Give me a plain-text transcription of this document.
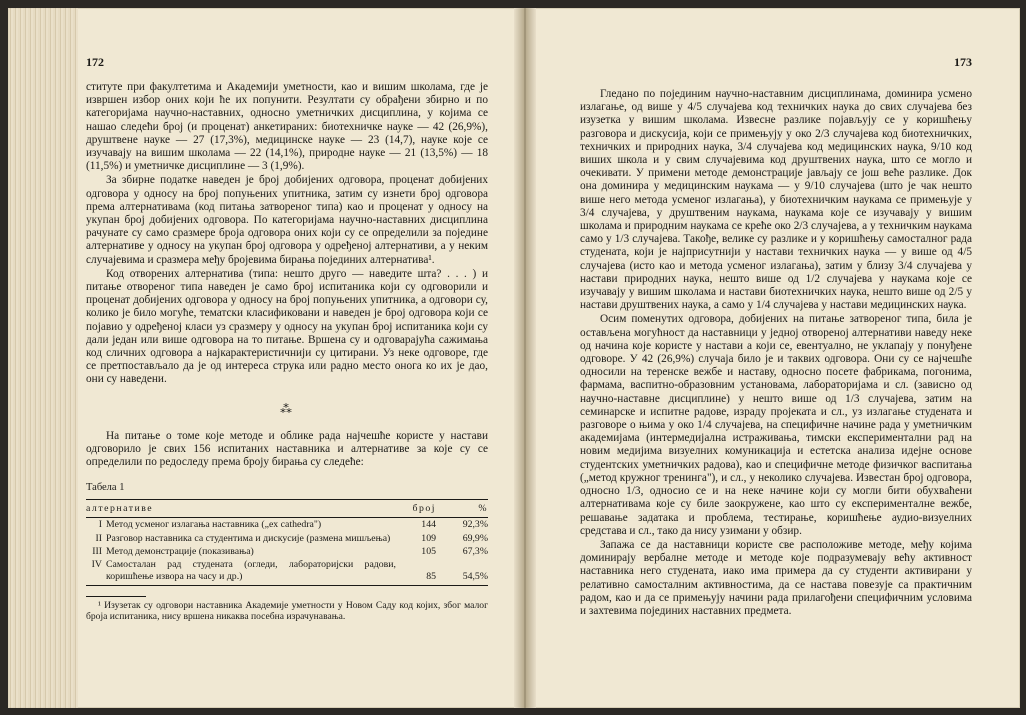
172

ститутe при факултетима и Академији уметности, као и вишим школама, где је извршен избор оних који ће их попунити. Резултати су обрађени збирно и по категоријама научно-наставних, односно уметничких дисциплина, у којима се нашао следећи број (и проценат) анкетираних: биотехничке науке — 42 (26,9%), друштвене науке — 27 (17,3%), медицинске науке — 23 (14,7), науке које се изучавају на вишим школама — 22 (14,1%), природне науке — 21 (13,5%) — 18 (11,5%) и уметничке дисциплине — 3 (1,9%).

За збирне податке наведен је број добијених одговора, проценат добијених одговора у односу на број попуњених упитника, затим су изнети број одговора према алтернативама (код питања затвореног типа) као и проценат у односу на укупан број добијених одговора. По категоријама научно-наставних дисциплина рачунате су само сразмере броја одговора оних који су се определили за поједине алтернативе у односу на укупан број одговора у одређеној алтернативи, а у неким случајевима и сразмера међу бројевима бирања појединих алтернатива¹.

Код отворених алтернатива (типа: нешто друго — наведите шта? . . . ) и питање отвореног типа наведен је само број испитаника који су одговорили и проценат добијених одговора у односу на број попуњених упитника, а одговори су, колико је било могуће, тематски класификовани и наведен је број одговора који се појавио у одређеној класи уз сразмеру у односу на укупан број испитаника који су дали један или више одговора на то питање. Вршена су и одговарајућа сажимања код сличних одговора а најкарактеристичнији су цитирани. Уз неке одговоре, где се претпостављало да је од интереса струка или радно место онога ко их је дао, они су наведени.

⁂

На питање о томе које методе и облике рада најчешће користе у настави одговорило је свих 156 испитаних наставника и алтернативе за које су се определили по редоследу према броју бирања су следеће:

Табела 1
алтернативе		број	%
I	Метод усменог излагања наставника („ex cathedra")	144	92,3%
II	Разговор наставника са студентима и дискусије (размена мишљења)	109	69,9%
III	Метод демонстрације (показивања)	105	67,3%
IV	Самосталан рад студената (огледи, лабораторијски радови, коришћење извора на часу и др.)	85	54,5%
¹ Изузетак су одговори наставника Академије уметности у Новом Саду код којих, због малог броја испитаника, нису вршена никаква посебна израчунавања.
173

Гледано по појединим научно-наставним дисциплинама, доминира усмено излагање, од више у 4/5 случајева код техничких наука до свих случајева без изузетка у вишим школама. Извесне разлике појављују се у коришћењу разговора и дискусија, који се примењују у око 2/3 случајева код биотехничких, техничких и природних наука, 3/4 случајева код медицинских наука, 9/10 код виших школа и у свим случајевима код друштвених наука, што се могло и очекивати. У примени методе демонстрације јављају се још веће разлике. Док она доминира у медицинским наукама — у 9/10 случајева (што је чак нешто више него метода усменог излагања), у биотехничким наукама се примењује у 3/4 случајева, у друштвеним наукама, наукама које се изучавају у вишим школама и природним наукама се креће око 2/3 случајева, а у техничким наукама само у 1/3 случајева. Такође, велике су разлике и у коришћењу самосталног рада студената, који је најприсутнији у настави техничких наука — у више од 4/5 случајева (исто као и метода усменог излагања), затим у близу 3/4 случајева у настави природних наука, нешто више од 1/2 случајева у наукама које се изучавају у вишим школама и настави биотехничких наука, нешто више од 2/5 у настави друштвених наука, а само у 1/4 случајева у настави медицинских наука.

Осим поменутих одговора, добијених на питање затвореног типа, била је остављена могућност да наставници у једној отвореној алтернативи наведу неке од начина које користе у настави а који се, евентуално, не уклапају у понуђене одговоре. У 42 (26,9%) случаја било је и таквих одговора. Они су се најчешће односили на теренске вежбе и наставу, односно посете фабрикама, погонима, фармама, васпитно-образовним установама, лабораторијама и сл. (зависно од научно-наставне дисциплине) у нешто више од 1/3 случајева, затим на семинарске и испитне радове, израду пројеката и сл., уз излагање студената и разговоре о њима у око 1/4 случајева, на специфичне начине рада у уметничким академијама (интермедијална истраживања, тимски експериментални рад на новим медијима визуелних комуникација и естетска анализа идејне основе студентских уметничких радова), као и специфичне методе физичког васпитања („метод кружног тренинга"), и сл., у неколико случајева. Известан број одговора, односно 1/3, односио се и на неке начине који су могли бити обухваћени алтернативама које су биле заокружене, као што су експерименталне вежбе, решавање задатака и проблема, тестирање, коришћење аудио-визуелних средстава и сл., тако да нису узимани у обзир.

Запажа се да наставници користе све расположиве методе, међу којима доминирају вербалне методе и методе које подразумевају већу активност наставника него студената, иако има примера да су студенти активирани у релативно самосталним активностима, да се настава повезује са практичним радом, као и да се примењују начини рада прилагођени специфичним условима и захтевима појединих наставних предмета.
